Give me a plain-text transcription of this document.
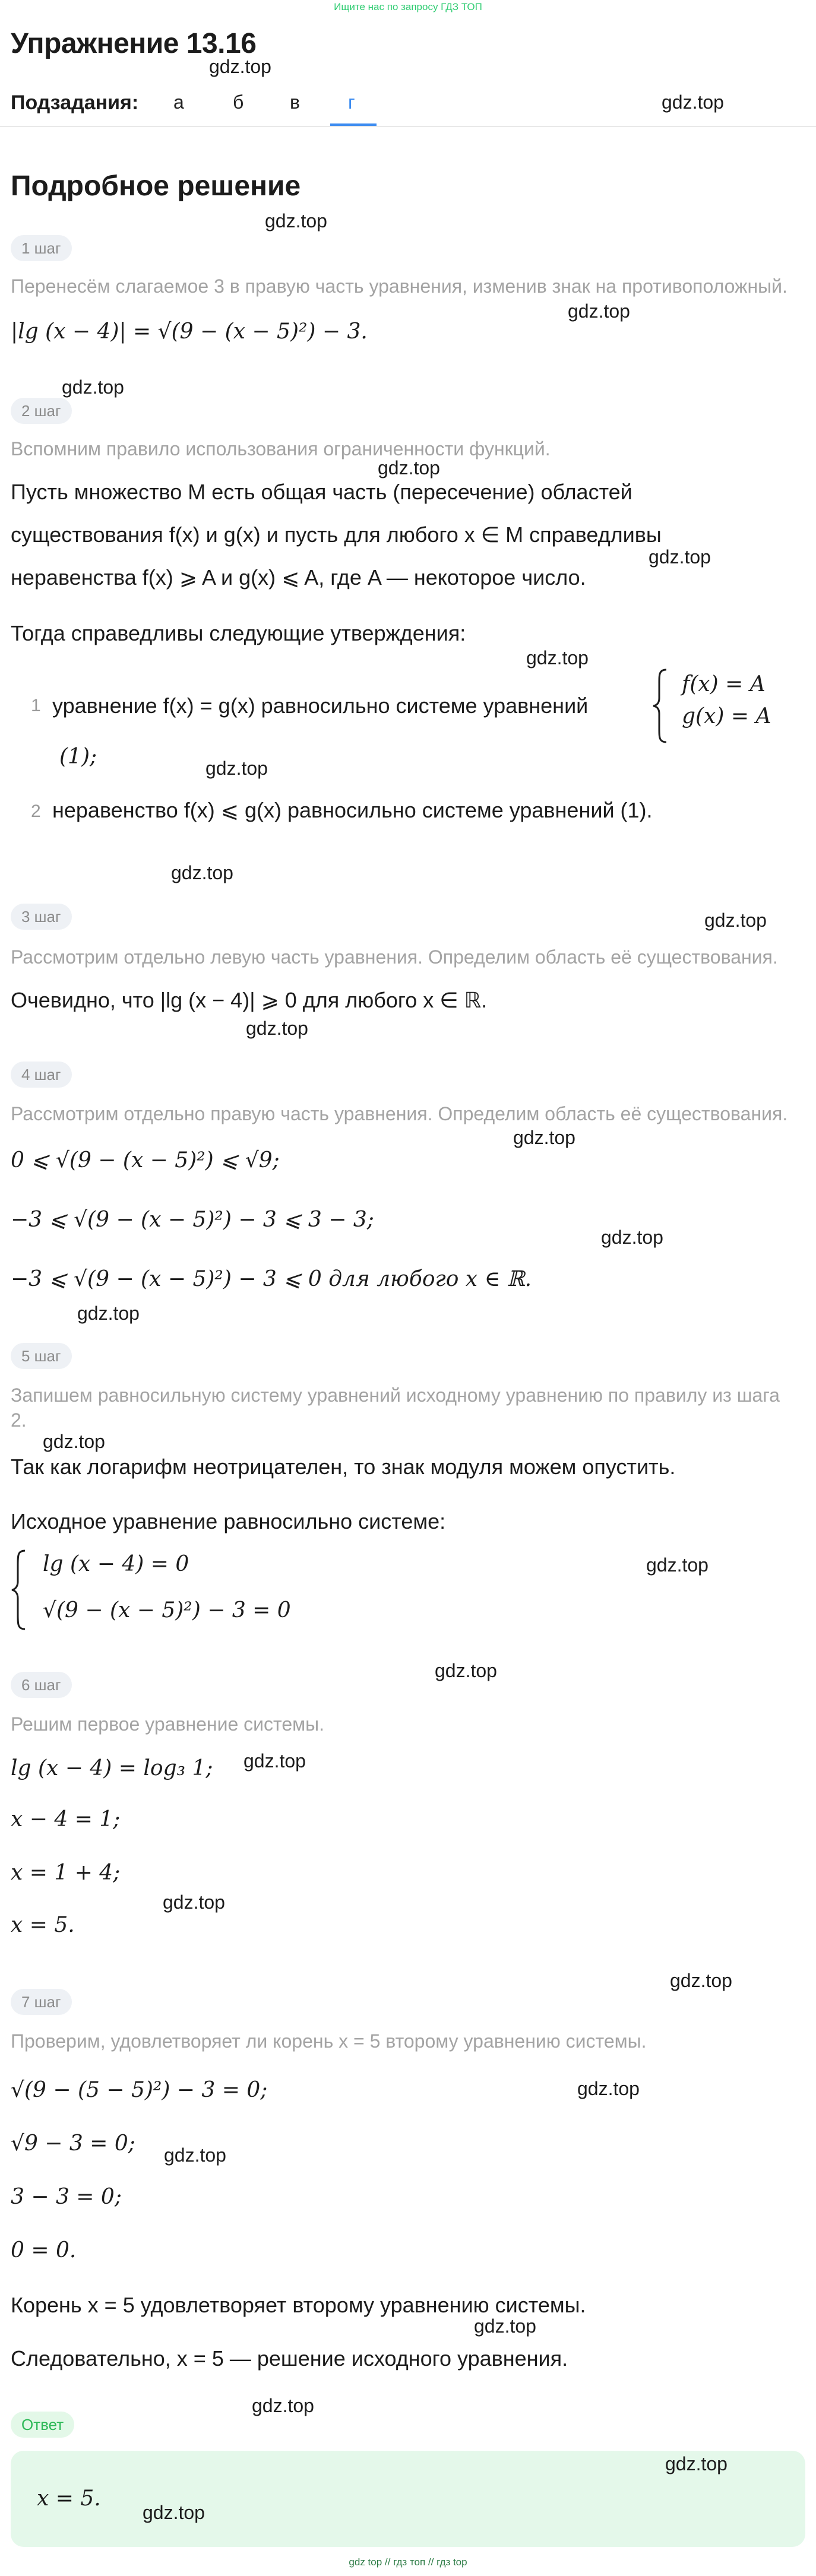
Ищите нас по запросу ГДЗ ТОП
Упражнение 13.16
Подзадания: а	б в	г
Подробное решение
1 шаг
Перенесём слагаемое 3 в правую часть уравнения, изменив знак на противоположный.
|lg (x − 4)| = √(9 − (x − 5)²) − 3.
2 шаг
Вспомним правило использования ограниченности функций.
Пусть множество M есть общая часть (пересечение) областей
существования f(x) и g(x) и пусть для любого x ∈ M справедливы
неравенства f(x) ⩾ A и g(x) ⩽ A, где A — некоторое число.
Тогда справедливы следующие утверждения:
1 уравнение f(x) = g(x) равносильно системе уравнений
f(x) = A
g(x) = A
(1);
2 неравенство f(x) ⩽ g(x) равносильно системе уравнений (1).
3 шаг
Рассмотрим отдельно левую часть уравнения. Определим область её существования.
Очевидно, что |lg (x − 4)| ⩾ 0 для любого x ∈ ℝ.
4 шаг
Рассмотрим отдельно правую часть уравнения. Определим область её существования.
0 ⩽ √(9 − (x − 5)²) ⩽ √9;
−3 ⩽ √(9 − (x − 5)²) − 3 ⩽ 3 − 3;
−3 ⩽ √(9 − (x − 5)²) − 3 ⩽ 0 для любого x ∈ ℝ.
5 шаг
Запишем равносильную систему уравнений исходному уравнению по правилу из шага
2.
Так как логарифм неотрицателен, то знак модуля можем опустить.
Исходное уравнение равносильно системе:
lg (x − 4) = 0
√(9 − (x − 5)²) − 3 = 0
6 шаг
Решим первое уравнение системы.
lg (x − 4) = log₃ 1;
x − 4 = 1;
x = 1 + 4;
x = 5.
7 шаг
Проверим, удовлетворяет ли корень x = 5 второму уравнению системы.
√(9 − (5 − 5)²) − 3 = 0;
√9 − 3 = 0;
3 − 3 = 0;
0 = 0.
Корень x = 5 удовлетворяет второму уравнению системы.
Следовательно, x = 5 — решение исходного уравнения.
Ответ
x = 5.
gdz.top
gdz.top
gdz.top
gdz.top
gdz.top
gdz.top
gdz.top
gdz.top
gdz.top
gdz.top
gdz.top
gdz.top
gdz.top
gdz.top
gdz.top
gdz.top
gdz.top
gdz.top
gdz.top
gdz.top
gdz.top
gdz.top
gdz.top
gdz.top
gdz.top
gdz.top
gdz.top
gdz top // гдз топ // гдз top
